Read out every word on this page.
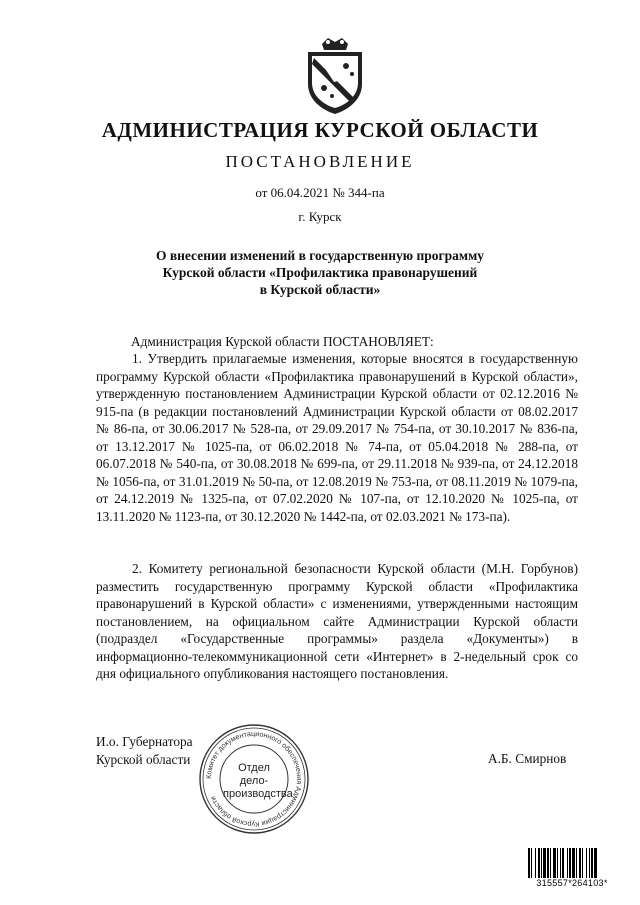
АДМИНИСТРАЦИЯ КУРСКОЙ ОБЛАСТИ
ПОСТАНОВЛЕНИЕ
от 06.04.2021 № 344-па
г. Курск
О внесении изменений в государственную программу
Курской области «Профилактика правонарушений
в Курской области»
Администрация Курской области ПОСТАНОВЛЯЕТ:
1. Утвердить прилагаемые изменения, которые вносятся в государственную программу Курской области «Профилактика правонарушений в Курской области», утвержденную постановлением Администрации Курской области от 02.12.2016 № 915-па (в редакции постановлений Администрации Курской области от 08.02.2017 № 86-па, от 30.06.2017 № 528-па, от 29.09.2017 № 754-па, от 30.10.2017 № 836-па, от 13.12.2017 № 1025-па, от 06.02.2018 № 74-па, от 05.04.2018 № 288-па, от 06.07.2018 № 540-па, от 30.08.2018 № 699-па, от 29.11.2018 № 939-па, от 24.12.2018 № 1056-па, от 31.01.2019 № 50-па, от 12.08.2019 № 753-па, от 08.11.2019 № 1079-па, от 24.12.2019 № 1325-па, от 07.02.2020 № 107-па, от 12.10.2020 № 1025-па, от 13.11.2020 № 1123-па, от 30.12.2020 № 1442-па, от 02.03.2021 № 173-па).
2. Комитету региональной безопасности Курской области (М.Н. Горбунов) разместить государственную программу Курской области «Профилактика правонарушений в Курской области» с изменениями, утвержденными настоящим постановлением, на официальном сайте Администрации Курской области (подраздел «Государственные программы» раздела «Документы») в информационно-телекоммуникационной сети «Интернет» в 2-недельный срок со дня официального опубликования настоящего постановления.
И.о. Губернатора
Курской области	А.Б. Смирнов
Комитет документационного обеспечения Администрации Курской области
Отдел
дело-
производства
315557*264103*
